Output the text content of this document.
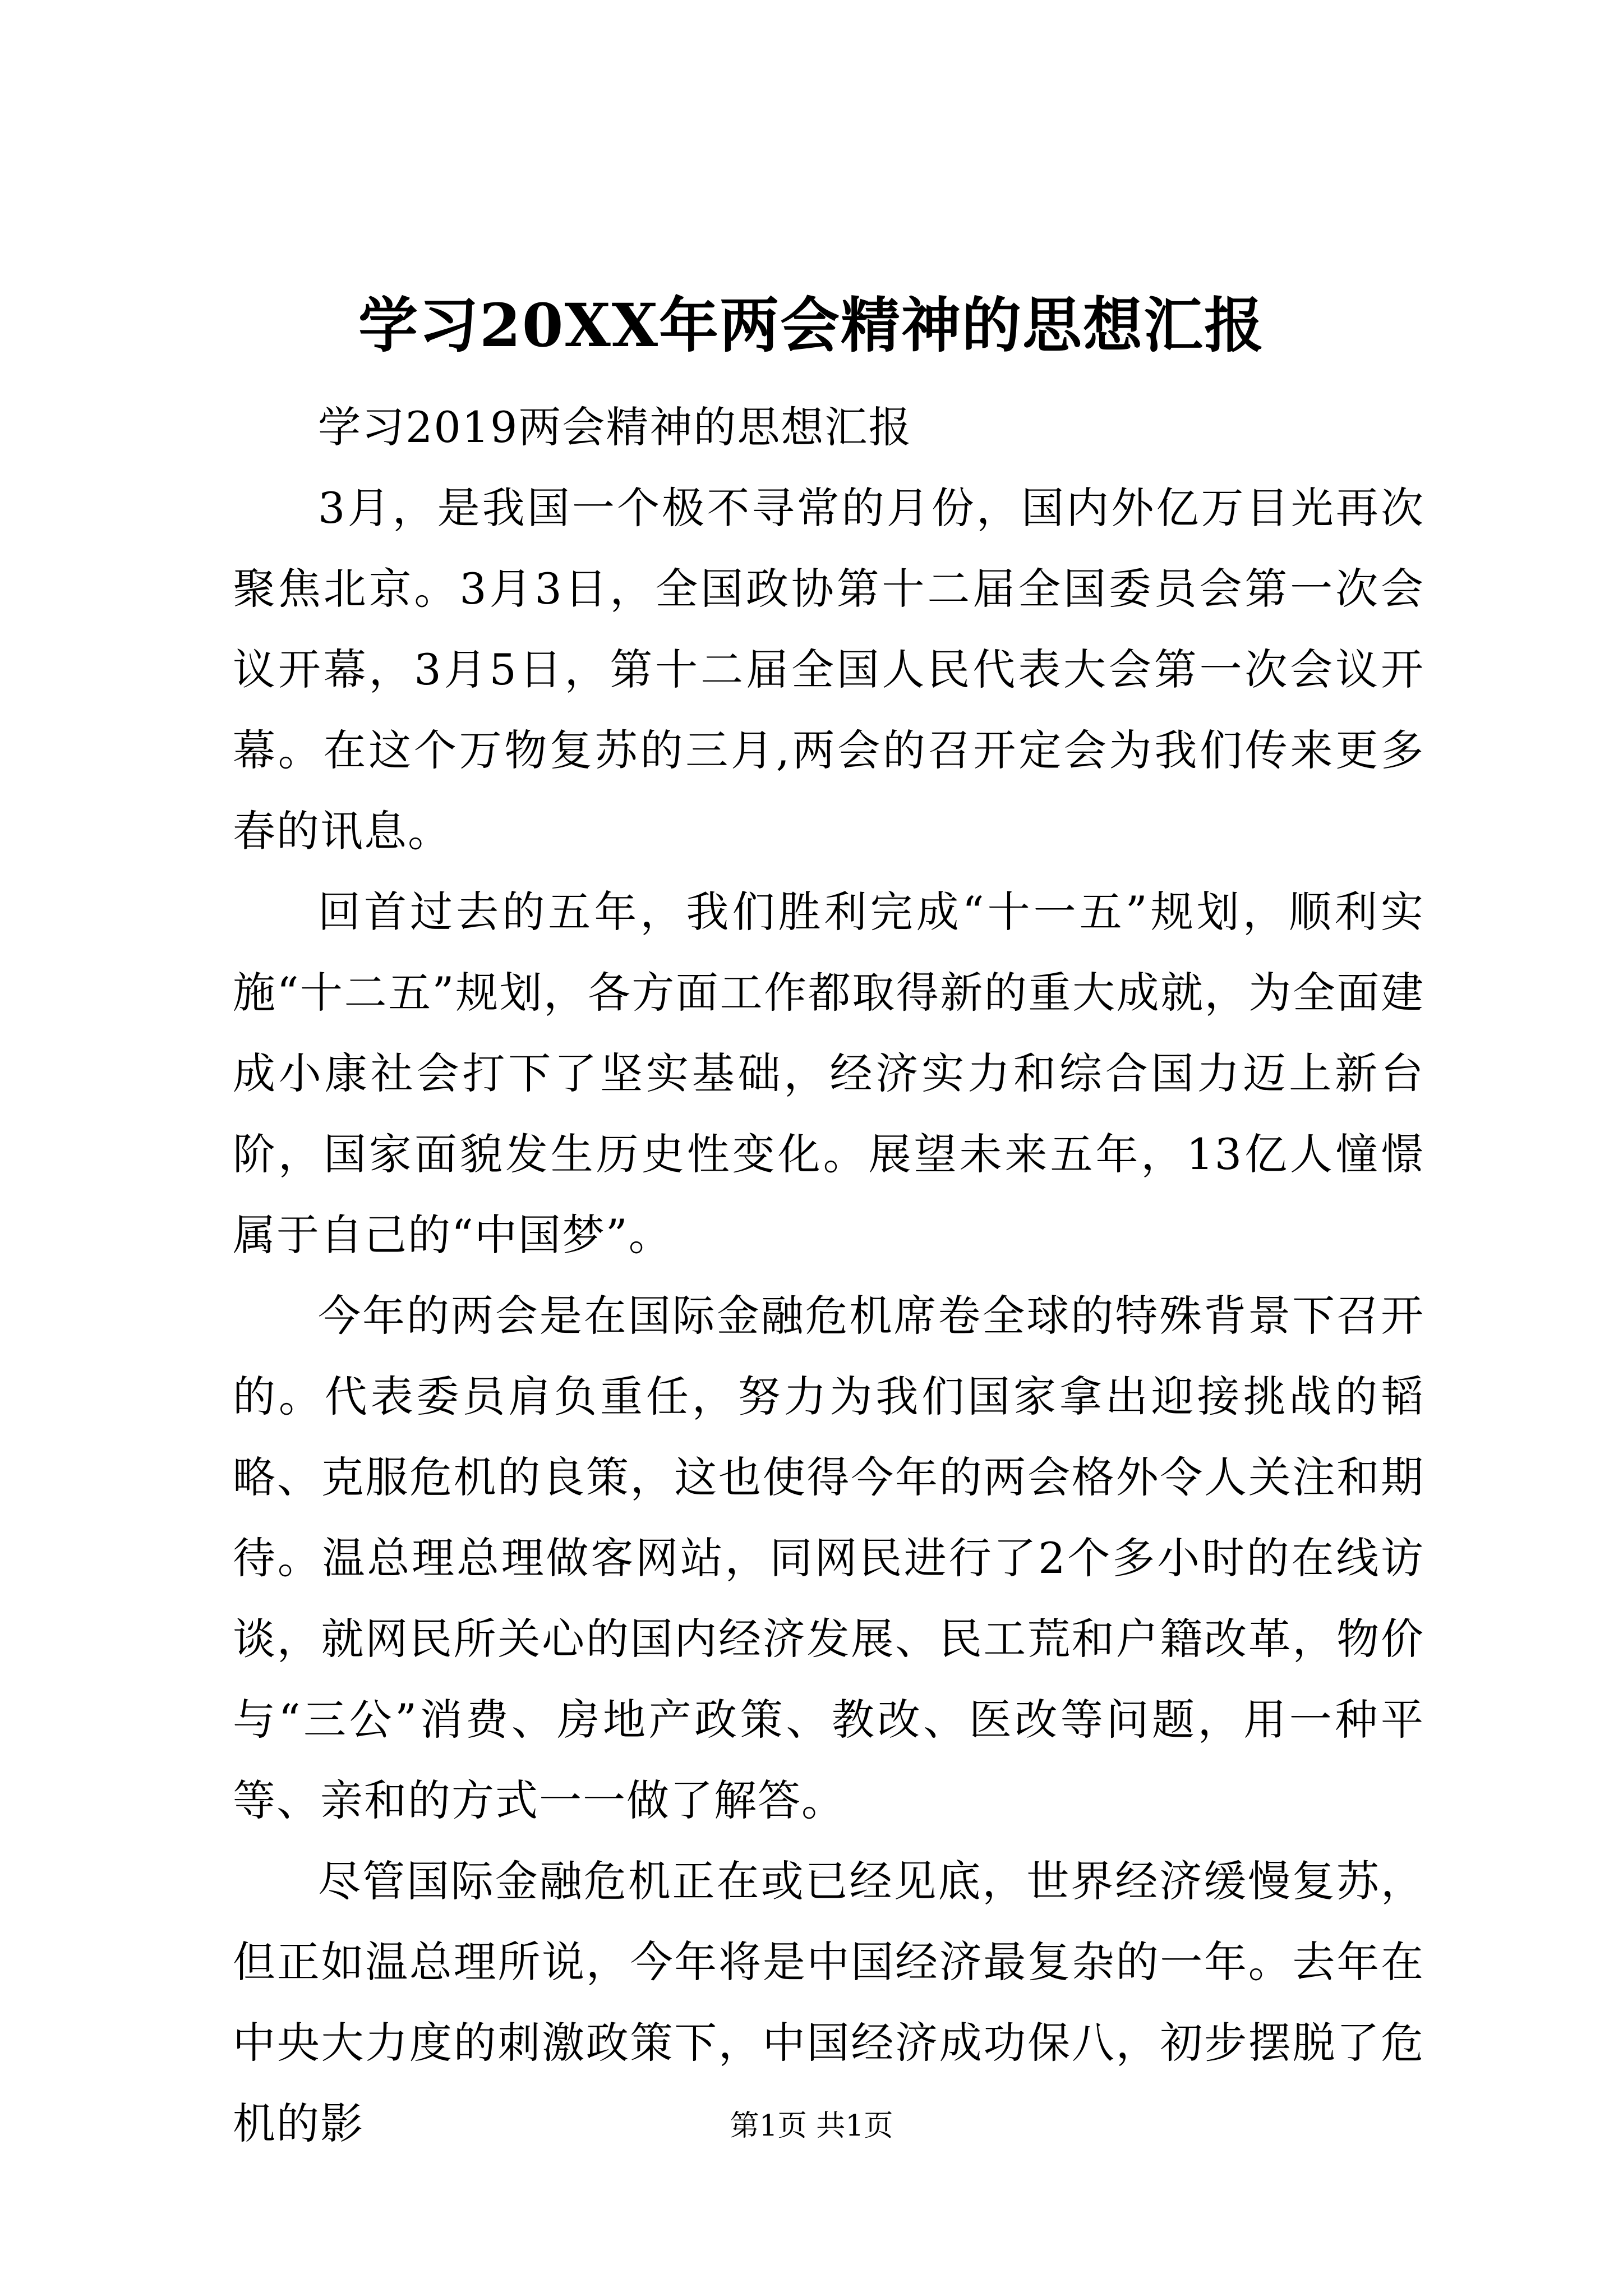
学习20XX年两会精神的思想汇报

学习2019两会精神的思想汇报

3月，是我国一个极不寻常的月份，国内外亿万目光再次聚焦北京。3月3日，全国政协第十二届全国委员会第一次会议开幕，3月5日，第十二届全国人民代表大会第一次会议开幕。在这个万物复苏的三月,两会的召开定会为我们传来更多春的讯息。

回首过去的五年，我们胜利完成“十一五”规划，顺利实施“十二五”规划，各方面工作都取得新的重大成就，为全面建成小康社会打下了坚实基础，经济实力和综合国力迈上新台阶，国家面貌发生历史性变化。展望未来五年，13亿人憧憬属于自己的“中国梦”。

今年的两会是在国际金融危机席卷全球的特殊背景下召开的。代表委员肩负重任，努力为我们国家拿出迎接挑战的韬略、克服危机的良策，这也使得今年的两会格外令人关注和期待。温总理总理做客网站，同网民进行了2个多小时的在线访谈，就网民所关心的国内经济发展、民工荒和户籍改革，物价与“三公”消费、房地产政策、教改、医改等问题，用一种平等、亲和的方式一一做了解答。

尽管国际金融危机正在或已经见底，世界经济缓慢复苏，但正如温总理所说，今年将是中国经济最复杂的一年。去年在中央大力度的刺激政策下，中国经济成功保八，初步摆脱了危机的影	第1页 共1页
